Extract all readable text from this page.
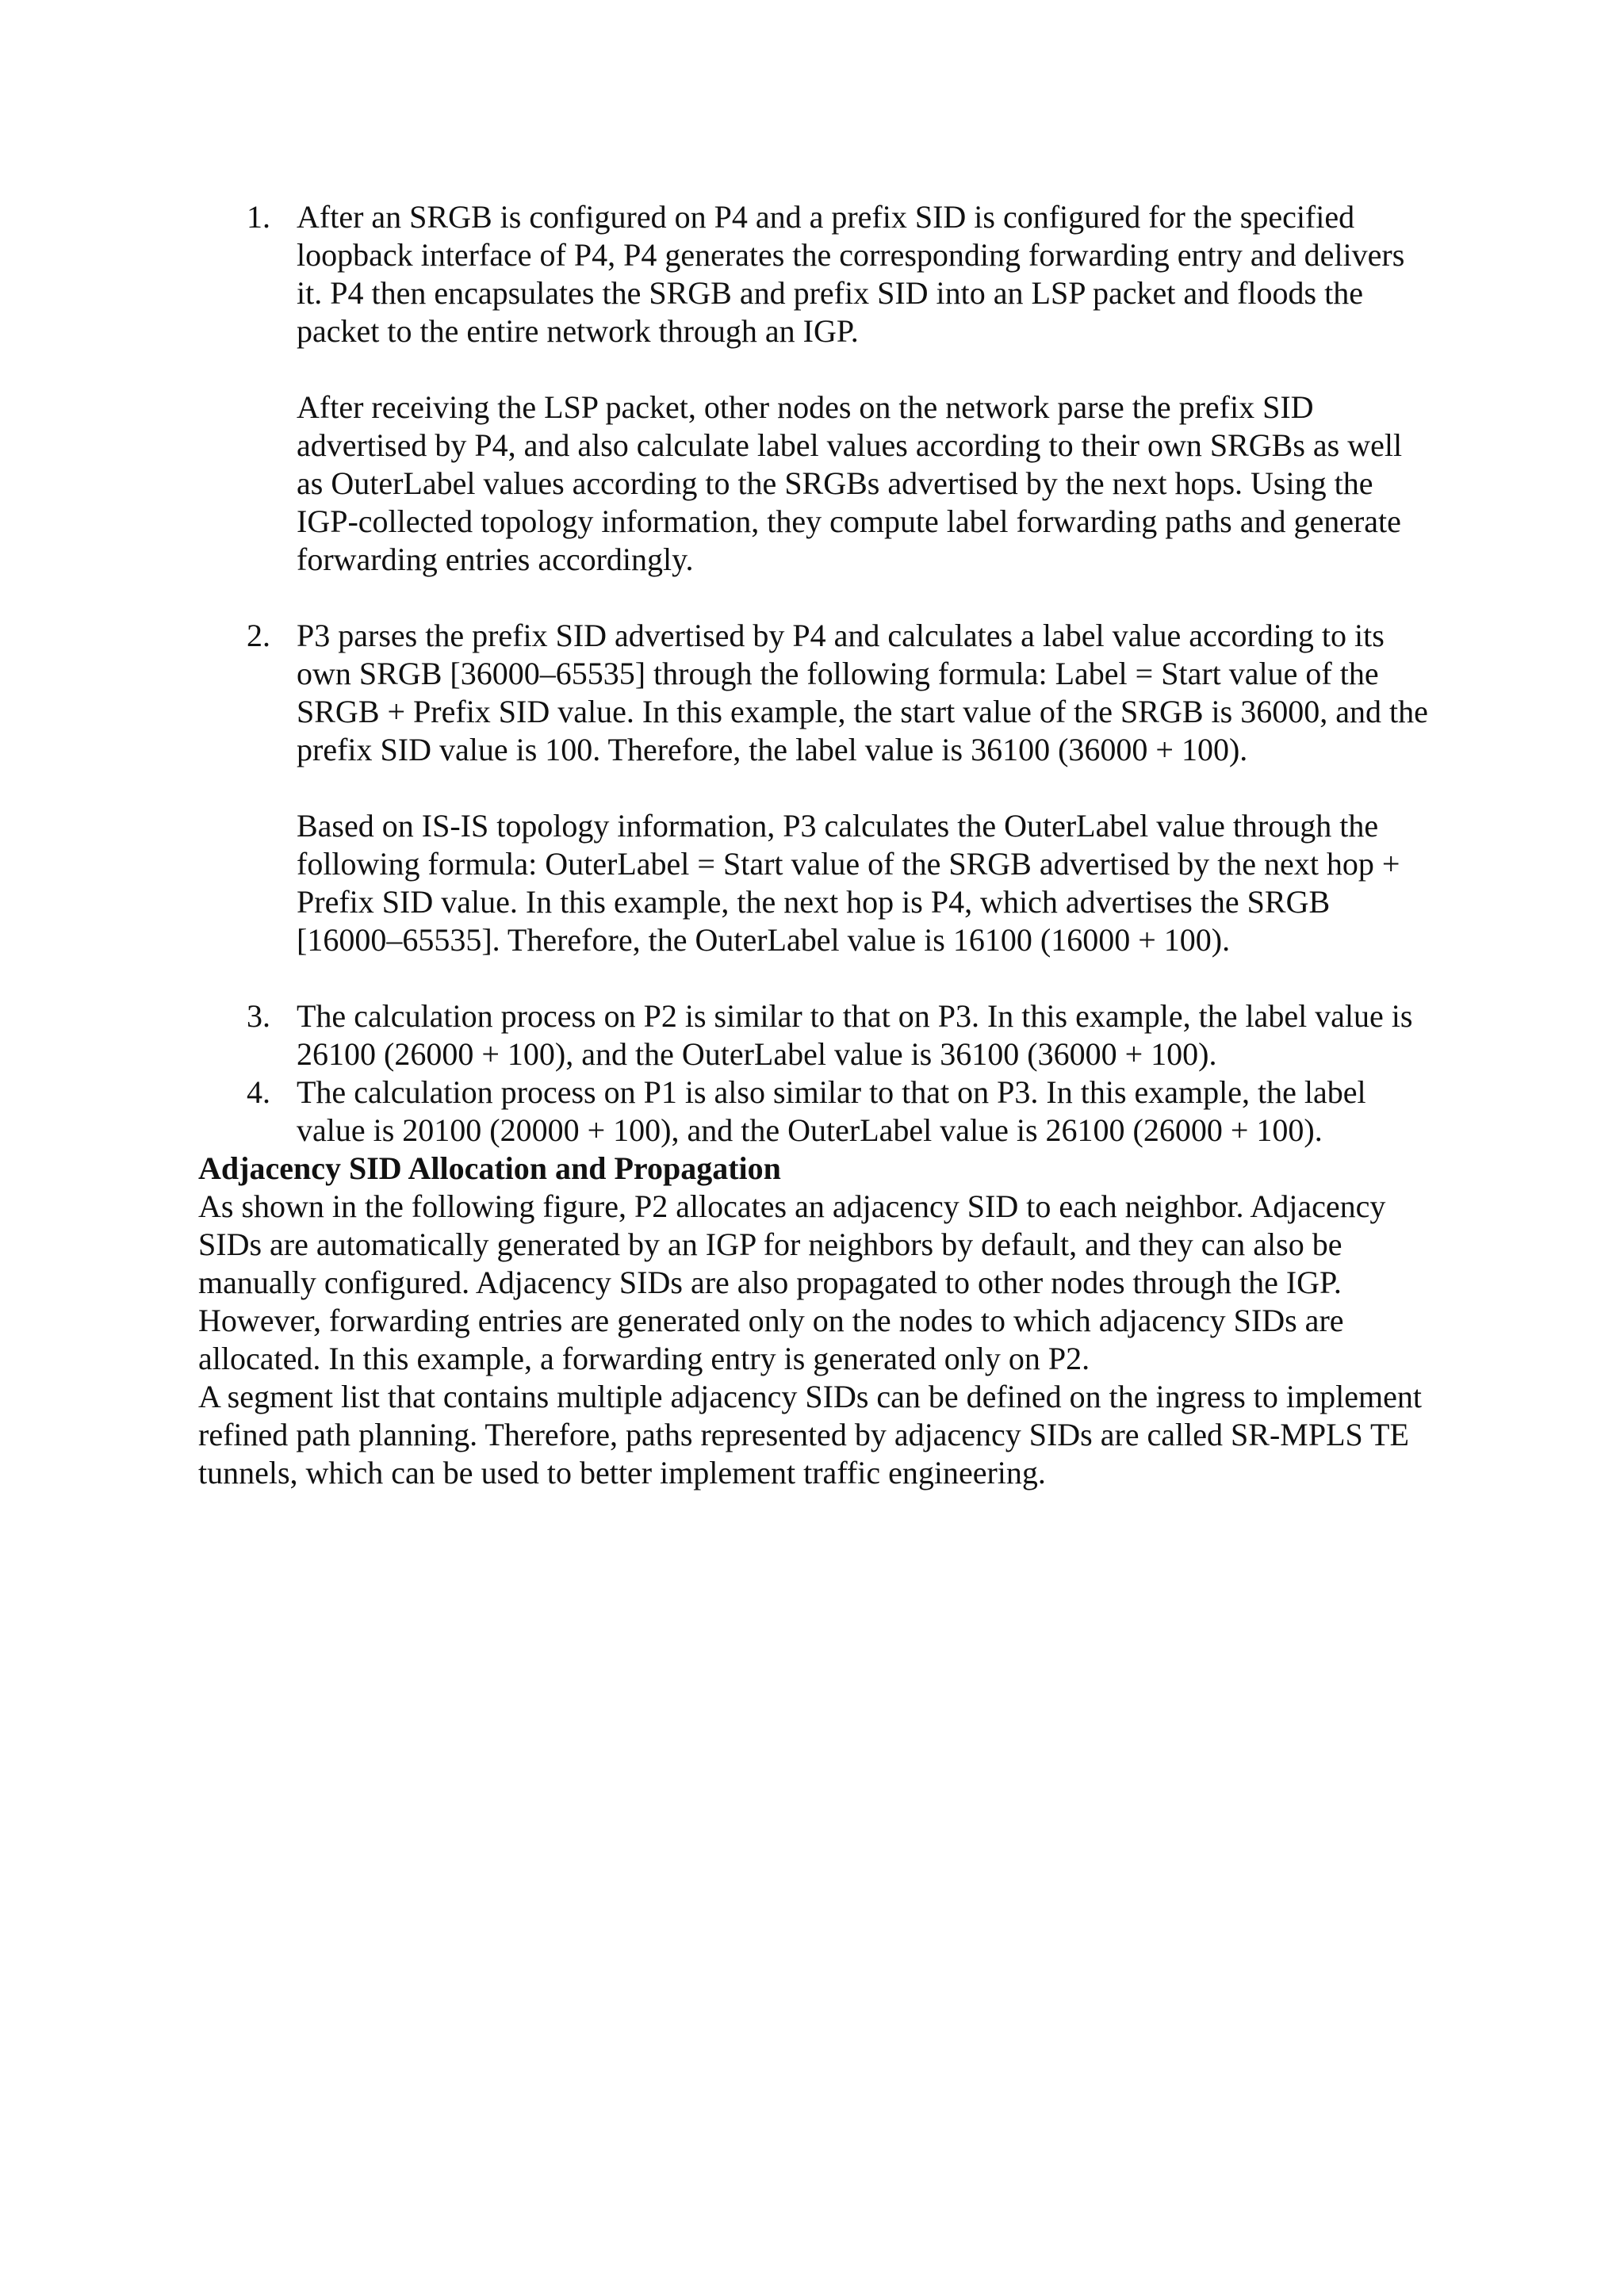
1. After an SRGB is configured on P4 and a prefix SID is configured for the specified loopback interface of P4, P4 generates the corresponding forwarding entry and delivers it. P4 then encapsulates the SRGB and prefix SID into an LSP packet and floods the packet to the entire network through an IGP.

After receiving the LSP packet, other nodes on the network parse the prefix SID advertised by P4, and also calculate label values according to their own SRGBs as well as OuterLabel values according to the SRGBs advertised by the next hops. Using the IGP-collected topology information, they compute label forwarding paths and generate forwarding entries accordingly.

2. P3 parses the prefix SID advertised by P4 and calculates a label value according to its own SRGB [36000–65535] through the following formula: Label = Start value of the SRGB + Prefix SID value. In this example, the start value of the SRGB is 36000, and the prefix SID value is 100. Therefore, the label value is 36100 (36000 + 100).

Based on IS-IS topology information, P3 calculates the OuterLabel value through the following formula: OuterLabel = Start value of the SRGB advertised by the next hop + Prefix SID value. In this example, the next hop is P4, which advertises the SRGB [16000–65535]. Therefore, the OuterLabel value is 16100 (16000 + 100).

3. The calculation process on P2 is similar to that on P3. In this example, the label value is 26100 (26000 + 100), and the OuterLabel value is 36100 (36000 + 100).

4. The calculation process on P1 is also similar to that on P3. In this example, the label value is 20100 (20000 + 100), and the OuterLabel value is 26100 (26000 + 100).

Adjacency SID Allocation and Propagation

As shown in the following figure, P2 allocates an adjacency SID to each neighbor. Adjacency SIDs are automatically generated by an IGP for neighbors by default, and they can also be manually configured. Adjacency SIDs are also propagated to other nodes through the IGP. However, forwarding entries are generated only on the nodes to which adjacency SIDs are allocated. In this example, a forwarding entry is generated only on P2.

A segment list that contains multiple adjacency SIDs can be defined on the ingress to implement refined path planning. Therefore, paths represented by adjacency SIDs are called SR-MPLS TE tunnels, which can be used to better implement traffic engineering.
